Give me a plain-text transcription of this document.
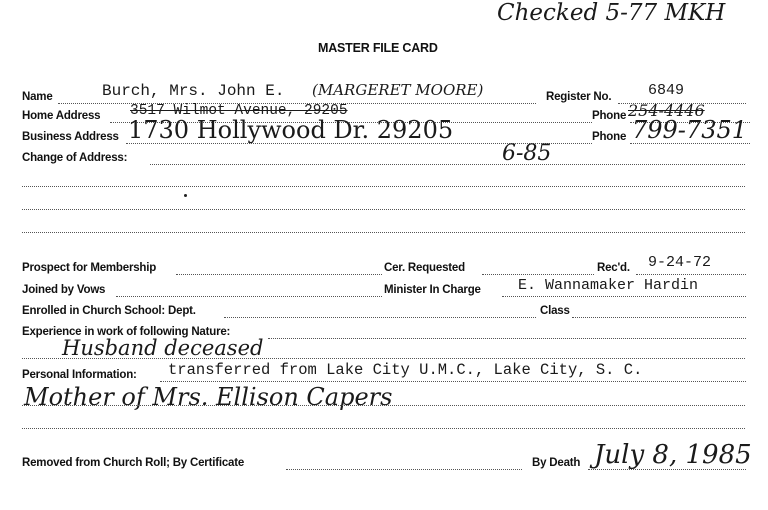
Checked 5-77 MKH
MASTER FILE CARD
Name	Burch, Mrs. John E. (MARGERET MOORE)	Register No. 6849
Home Address 3517 Wilmot Avenue, 29205	Phone 254-4446
Business Address 1730 Hollywood Dr. 29205	Phone 799-7351
Change of Address:	6-85
Prospect for Membership	Cer. Requested	Rec'd. 9-24-72
Joined by Vows	Minister In Charge E. Wannamaker Hardin
Enrolled in Church School: Dept.	Class
Experience in work of following Nature:
Husband deceased
Personal Information: transferred from Lake City U.M.C., Lake City, S. C.
Mother of Mrs. Ellison Capers
Removed from Church Roll; By Certificate	By Death July 8, 1985
